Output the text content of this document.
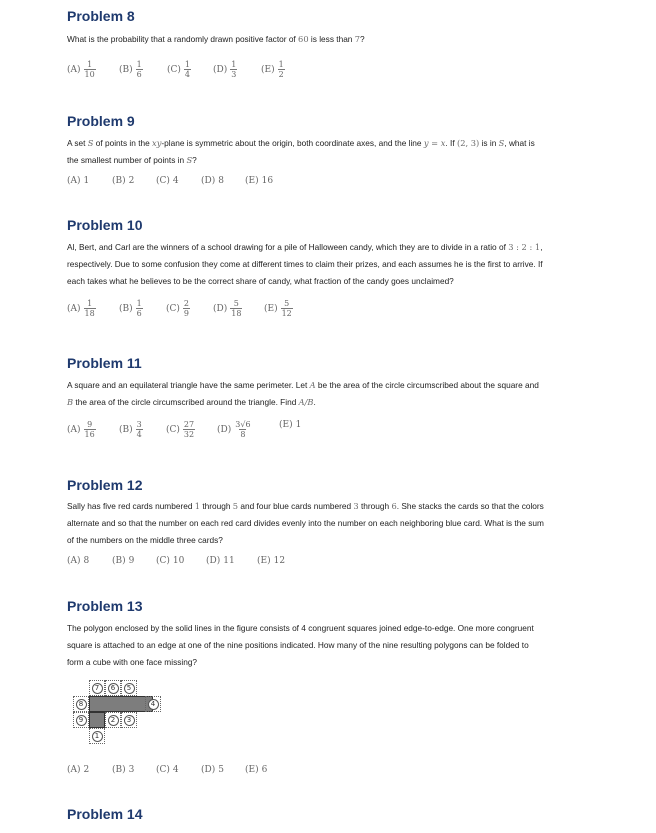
Problem 8
What is the probability that a randomly drawn positive factor of 60 is less than 7?
$(A) \frac{1}{10}$	$(B) \frac{1}{6}$	$(C) \frac{1}{4} (D) \frac{1}{3}$	$(E) \frac{1}{2}$
Problem 9
A set S of points in the xy-plane is symmetric about the origin, both coordinate axes, and the line y = x. If (2, 3) is in S, what is
the smallest number of points in S?
(A) 1	(B) 2 (C) 4 (D) 8 (E) 16
Problem 10
Al, Bert, and Carl are the winners of a school drawing for a pile of Halloween candy, which they are to divide in a ratio of 3 : 2 : 1,
respectively. Due to some confusion they come at different times to claim their prizes, and each assumes he is the first to arrive. If
each takes what he believes to be the correct share of candy, what fraction of the candy goes unclaimed?
$(A) \frac{1}{18}$	$(B) \frac{1}{6}$	$(C) \frac{2}{9}$	$(D) \frac{5}{18} (E) \frac{5}{12}$
Problem 11
A square and an equilateral triangle have the same perimeter. Let A be the area of the circle circumscribed about the square and
B the area of the circle circumscribed around the triangle. Find A/B.
$(A) \frac{9}{16}$	$(B) \frac{3}{4}$	$(C) \frac{27}{32} (D) \frac{3√6}{8}$	(E) 1
Problem 12
Sally has five red cards numbered 1 through 5 and four blue cards numbered 3 through 6. She stacks the cards so that the colors
alternate and so that the number on each red card divides evenly into the number on each neighboring blue card. What is the sum
of the numbers on the middle three cards?
(A) 8	(B) 9 (C) 10 (D) 11 (E) 12
Problem 13
The polygon enclosed by the solid lines in the figure consists of 4 congruent squares joined edge-to-edge. One more congruent
square is attached to an edge at one of the nine positions indicated. How many of the nine resulting polygons can be folded to
form a cube with one face missing?
7	6	5
8	4
9	2	3
1
(A) 2	(B) 3 (C) 4 (D) 5 (E) 6
Problem 14
